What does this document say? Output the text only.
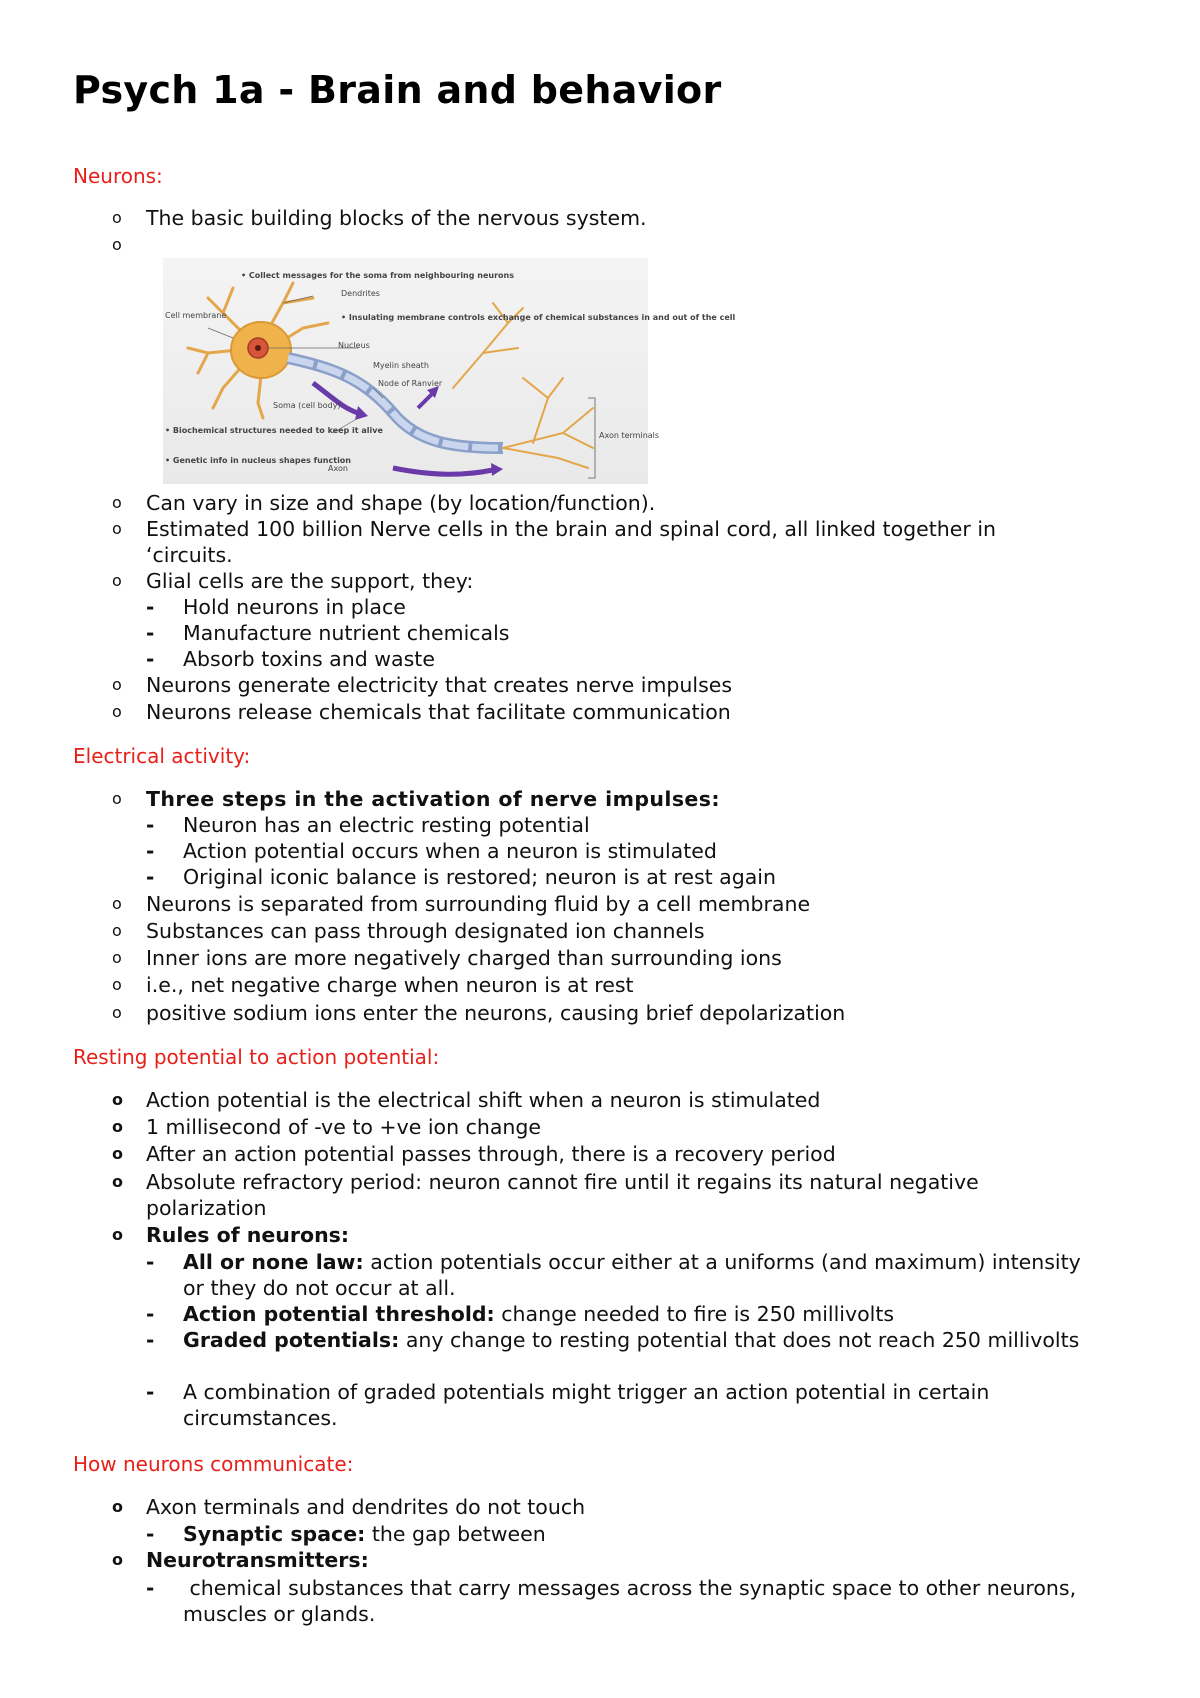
Psych 1a - Brain and behavior
Neurons:
o The basic building blocks of the nervous system.
o
• Collect messages for the soma from neighbouring neurons
Dendrites
Cell membrane	• Insulating membrane controls exchange of chemical substances in and out of the cell
Nucleus
Myelin sheath
Node of Ranvier
Soma (cell body)
• Biochemical structures needed to keep it alive
• Genetic info in nucleus shapes function
Axon
Axon terminals
o Can vary in size and shape (by location/function).
o Estimated 100 billion Nerve cells in the brain and spinal cord, all linked together in ‘circuits.
o Glial cells are the support, they:
- Hold neurons in place
- Manufacture nutrient chemicals
- Absorb toxins and waste
o Neurons generate electricity that creates nerve impulses
o Neurons release chemicals that facilitate communication
Electrical activity:
o Three steps in the activation of nerve impulses:
- Neuron has an electric resting potential
- Action potential occurs when a neuron is stimulated
- Original iconic balance is restored; neuron is at rest again
o Neurons is separated from surrounding fluid by a cell membrane
o Substances can pass through designated ion channels
o Inner ions are more negatively charged than surrounding ions
o i.e., net negative charge when neuron is at rest
o positive sodium ions enter the neurons, causing brief depolarization
Resting potential to action potential:
o Action potential is the electrical shift when a neuron is stimulated
o 1 millisecond of -ve to +ve ion change
o After an action potential passes through, there is a recovery period
o Absolute refractory period: neuron cannot fire until it regains its natural negative polarization
o Rules of neurons:
- All or none law: action potentials occur either at a uniforms (and maximum) intensity or they do not occur at all.
- Action potential threshold: change needed to fire is 250 millivolts
- Graded potentials: any change to resting potential that does not reach 250 millivolts
- A combination of graded potentials might trigger an action potential in certain circumstances.
How neurons communicate:
o Axon terminals and dendrites do not touch
- Synaptic space: the gap between
o Neurotransmitters:
- chemical substances that carry messages across the synaptic space to other neurons, muscles or glands.
